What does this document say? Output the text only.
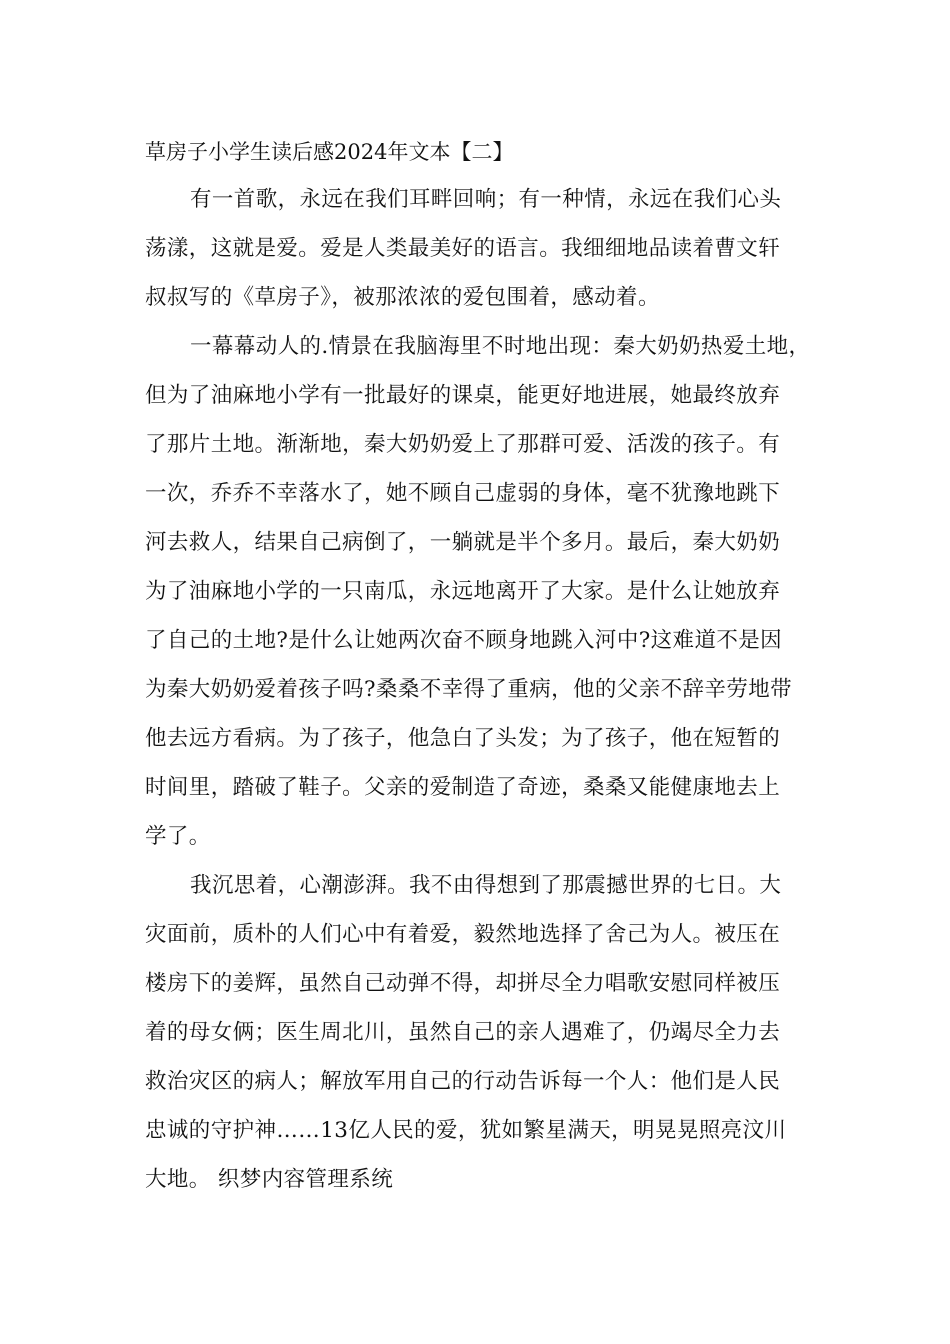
草房子小学生读后感2024年文本【二】
有一首歌，永远在我们耳畔回响；有一种情，永远在我们心头
荡漾，这就是爱。爱是人类最美好的语言。我细细地品读着曹文轩
叔叔写的《草房子》，被那浓浓的爱包围着，感动着。
一幕幕动人的.情景在我脑海里不时地出现：秦大奶奶热爱土地，
但为了油麻地小学有一批最好的课桌，能更好地进展，她最终放弃
了那片土地。渐渐地，秦大奶奶爱上了那群可爱、活泼的孩子。有
一次，乔乔不幸落水了，她不顾自己虚弱的身体，毫不犹豫地跳下
河去救人，结果自己病倒了，一躺就是半个多月。最后，秦大奶奶
为了油麻地小学的一只南瓜，永远地离开了大家。是什么让她放弃
了自己的土地?是什么让她两次奋不顾身地跳入河中?这难道不是因
为秦大奶奶爱着孩子吗?桑桑不幸得了重病，他的父亲不辞辛劳地带
他去远方看病。为了孩子，他急白了头发；为了孩子，他在短暂的
时间里，踏破了鞋子。父亲的爱制造了奇迹，桑桑又能健康地去上
学了。
我沉思着，心潮澎湃。我不由得想到了那震撼世界的七日。大
灾面前，质朴的人们心中有着爱，毅然地选择了舍己为人。被压在
楼房下的姜辉，虽然自己动弹不得，却拼尽全力唱歌安慰同样被压
着的母女俩；医生周北川，虽然自己的亲人遇难了，仍竭尽全力去
救治灾区的病人；解放军用自己的行动告诉每一个人：他们是人民
忠诚的守护神……13亿人民的爱，犹如繁星满天，明晃晃照亮汶川
大地。 织梦内容管理系统
